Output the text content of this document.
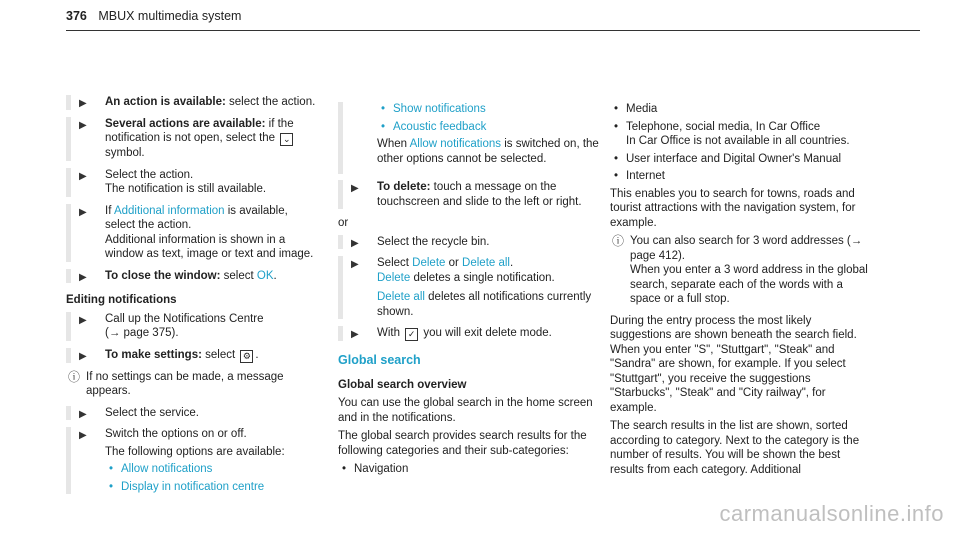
376 MBUX multimedia system
▶ An action is available: select the action.
▶ Several actions are available: if the notification is not open, select the ⌄ symbol.
▶ Select the action.
The notification is still available.
▶ If Additional information is available, select the action.
Additional information is shown in a window as text, image or text and image.
▶ To close the window: select OK.
Editing notifications
▶ Call up the Notifications Centre
(→ page 375).
▶ To make settings: select ⚙ .
ⓘ If no settings can be made, a message appears.
▶ Select the service.
▶ Switch the options on or off.
The following options are available:
• Allow notifications
• Display in notification centre
• Show notifications
• Acoustic feedback

When Allow notifications is switched on, the other options cannot be selected.

▶ To delete: touch a message on the touchscreen and slide to the left or right.

or

▶ Select the recycle bin.
▶ Select Delete or Delete all.
Delete deletes a single notification.
Delete all deletes all notifications currently shown.
▶ With ✓ you will exit delete mode.
Global search
Global search overview

You can use the global search in the home screen and in the notifications.

The global search provides search results for the following categories and their sub-categories:

• Navigation
• Media
• Telephone, social media, In Car Office
In Car Office is not available in all countries.
• User interface and Digital Owner's Manual
• Internet

This enables you to search for towns, roads and tourist attractions with the navigation system, for example.

ⓘ You can also search for 3 word addresses (→ page 412).
When you enter a 3 word address in the global search, separate each of the words with a space or a full stop.

During the entry process the most likely suggestions are shown beneath the search field. When you enter "S", "Stuttgart", "Steak" and "Sandra" are shown, for example. If you select "Stuttgart", you receive the suggestions "Starbucks", "Steak" and "City railway", for example.

The search results in the list are shown, sorted according to category. Next to the category is the number of results. You will be shown the best results from each category. Additional

carmanualsonline.info
